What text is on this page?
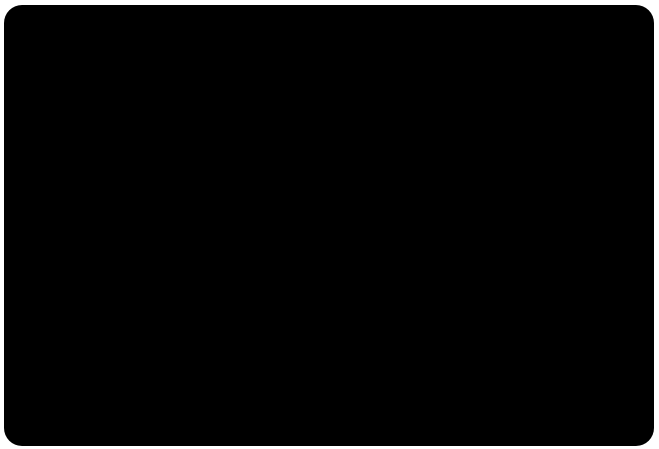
-> Road Construction Program <-
Options:
Windows
-----------------
Disk Input/Output
----------------------------
Quit
-------------
(1) Surveying
(2) Clearing
(3) Earthwork
(4) Formation
(5) Drainage
(6) Surfacing
(7) Landing
(8) Summary
(R) Read machine costs from
disk  (DO THIS FIRST)
(L) Load old parameters
(S) Save parameters
(Q) Quit
*** Press the letter of your choice ***
Current File: --------
